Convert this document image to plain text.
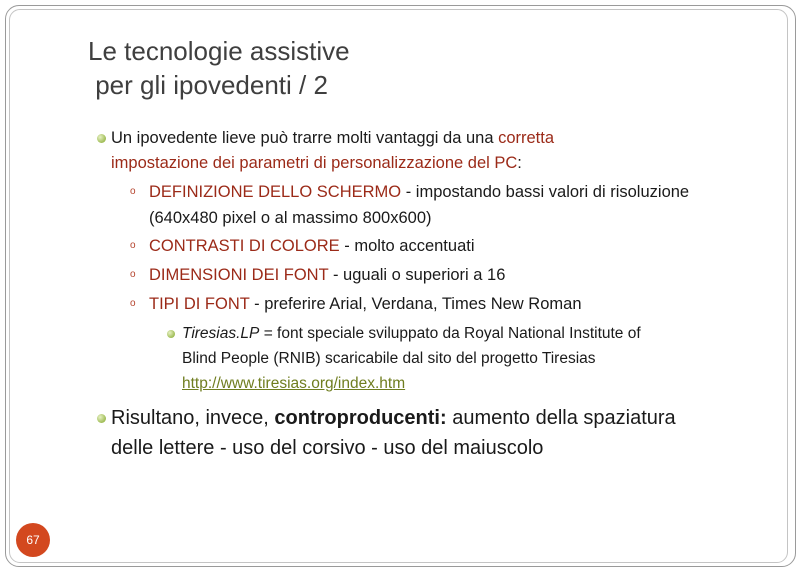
Le tecnologie assistive
per gli ipovedenti / 2
Un ipovedente lieve può trarre molti vantaggi da una corretta
impostazione dei parametri di personalizzazione del PC:
o DEFINIZIONE DELLO SCHERMO - impostando bassi valori di risoluzione
(640x480 pixel o al massimo 800x600)
o CONTRASTI DI COLORE - molto accentuati
o DIMENSIONI DEI FONT - uguali o superiori a 16
o TIPI DI FONT - preferire Arial, Verdana, Times New Roman
Tiresias.LP = font speciale sviluppato da Royal National Institute of
Blind People (RNIB) scaricabile dal sito del progetto Tiresias
http://www.tiresias.org/index.htm
Risultano, invece, controproducenti: aumento della spaziatura
delle lettere - uso del corsivo - uso del maiuscolo
67
